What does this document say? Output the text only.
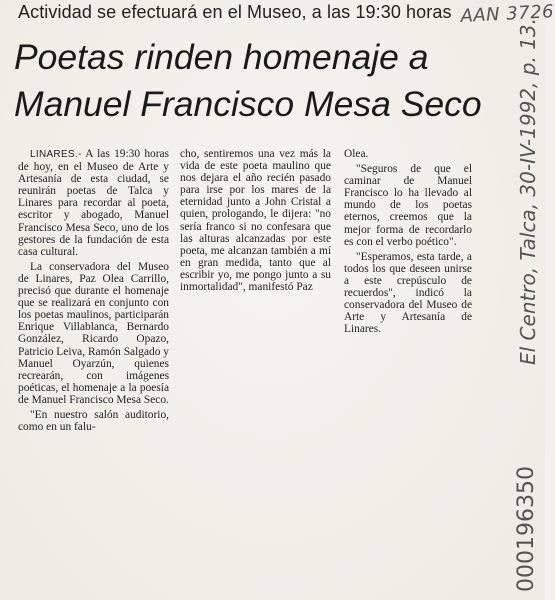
Actividad se efectuará en el Museo, a las 19:30 horas
Poetas rinden homenaje a
Manuel Francisco Mesa Seco

LINARES.- A las 19:30 horas de hoy, en el Museo de Arte y Artesanía de esta ciudad, se reunirán poetas de Talca y Linares para recordar al poeta, escritor y abogado, Manuel Francisco Mesa Seco, uno de los gestores de la fundación de esta casa cultural.

La conservadora del Museo de Linares, Paz Olea Carrillo, precisó que durante el homenaje que se realizará en conjunto con los poetas maulinos, participarán Enrique Villablanca, Bernardo González, Ricardo Opazo, Patricio Leiva, Ramón Salgado y Manuel Oyarzún, quienes recrearán, con imágenes poéticas, el homenaje a la poesía de Manuel Francisco Mesa Seco.

"En nuestro salón auditorio, como en un falu-

cho, sentiremos una vez más la vida de este poeta maulino que nos dejara el año recién pasado para irse por los mares de la eternidad junto a John Cristal a quien, prologando, le dijera: "no sería franco si no confesara que las alturas alcanzadas por este poeta, me alcanzan también a mí en gran medida, tanto que al escribir yo, me pongo junto a su inmortalidad", manifestó Paz

Olea.

"Seguros de que el caminar de Manuel Francisco lo ha llevado al mundo de los poetas eternos, creemos que la mejor forma de recordarlo es con el verbo poético".

"Esperamos, esta tarde, a todos los que deseen unirse a este crepúsculo de recuerdos", indicó la conservadora del Museo de Arte y Artesanía de Linares.

AAN 3726
El Centro, Talca, 30-IV-1992, p. 13.
000196350
